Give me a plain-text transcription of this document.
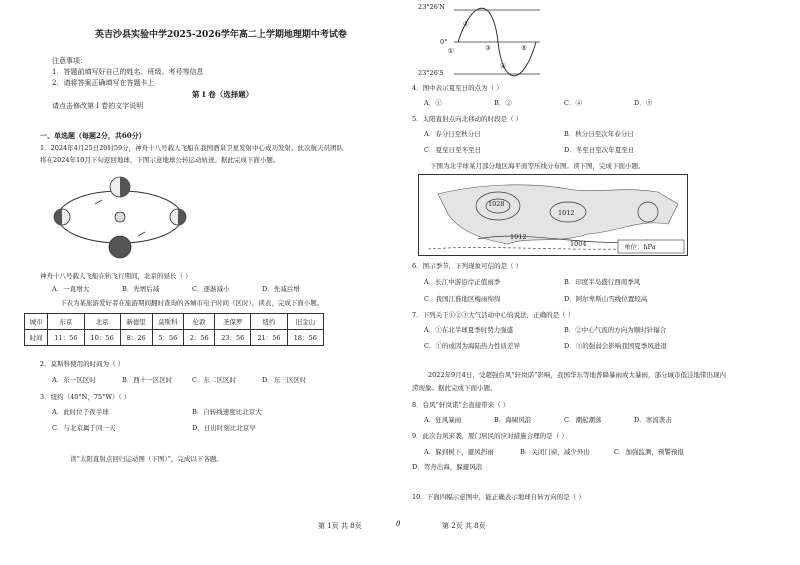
英吉沙县实验中学2025-2026学年高二上学期地理期中考试卷
注意事项：
1．答题前填写好自己的姓名、班级、考号等信息
2．请将答案正确填写在答题卡上
第 I 卷（选择题）
请点击修改第 I 卷的文字说明
一、单选题（每题2分，共60分）
1．2024年4月25日20时59分，神舟十八号载人飞船在我国酒泉卫星发射中心成功发射。此次航天员团队
将在2024年10月下旬返回地球，下图示意地球公转运动轨迹。据此完成下面小题。
神舟十八号载人飞船在轨飞行期间，北京的昼长（ ）
A．一直增大	B．先增后减	C．逐渐减小	D．先减后增
下表为某旅游爱好者在旅游期间翻时查询的各城市电子时间（区时），读表，完成下面小题。
城市	东京	北京	新德里	莫斯科	伦敦	圣保罗	纽约	旧金山
时间	11：56	10：56	8：26	5：56	2：56	23：56	21：56	18：56
2．莫斯科使用的时间为（ ）
A．东一区区时	B．西十一区区时	C．东二区区时	D．东三区区时
3．纽约（40°N，75°W）（ ）
A．此时位于夜半球	B．自转线速度比北京大
C．与北京属于同一天	D．日出时刻比北京早
读“太阳直射点回归运动图（下图）”，完成以下各题。
第 1页 共 8页	0
23°26′N
0°
23°26′S
①
②
③
④
⑤
4．图中表示夏至日的点为（ ）
A．①	B．②	C．④	D．⑤
5．太阳直射点向北移动的时段是（ ）
A．春分日至秋分日	B．秋分日至次年春分日
C．夏至日至冬至日	D．冬至日至次年夏至日
下图为北半球某月部分地区海平面等压线分布图。读下图，完成下面小题。
1028
1012
1012
1004	单位：hPa
6．图示季节，下列现象可信的是（ ）
A．长江中游沿岸正值雨季	B．印度半岛盛行西南季风
C．我国江淮地区梅雨绵绵	D．阿尔卑斯山雪线位置较高
7．下列关于①②③大气活动中心的说法，正确的是（ ）
A．①在北半球夏季时势力强盛	B．②中心气流的方向为顺时针辐合
C．①的成因为海陆热力性质差异	D．③的强弱会影响我国夏季风进退
2022年9月4日，受超强台风“轩岚诺”影响，我国华东等地普降暴雨或大暴雨，部分城市低洼地带出现内
涝现象。据此完成下面小题。
8．台风“轩岚诺”会直接带来（ ）
A．狂风暴雨	B．海啸风浪	C．潮起潮落	D．寒流袭击
9．此次台风来袭，厦门居民的应对措施合理的是（ ）
A．躲到树下，避风挡雨	B．关闭门窗，减少外出	C．加强监测，预警预报
D．驾舟出海，躲避风浪
10．下面四幅示意图中，能正确表示地球自转方向的是（ ）
第 2页 共 8页
